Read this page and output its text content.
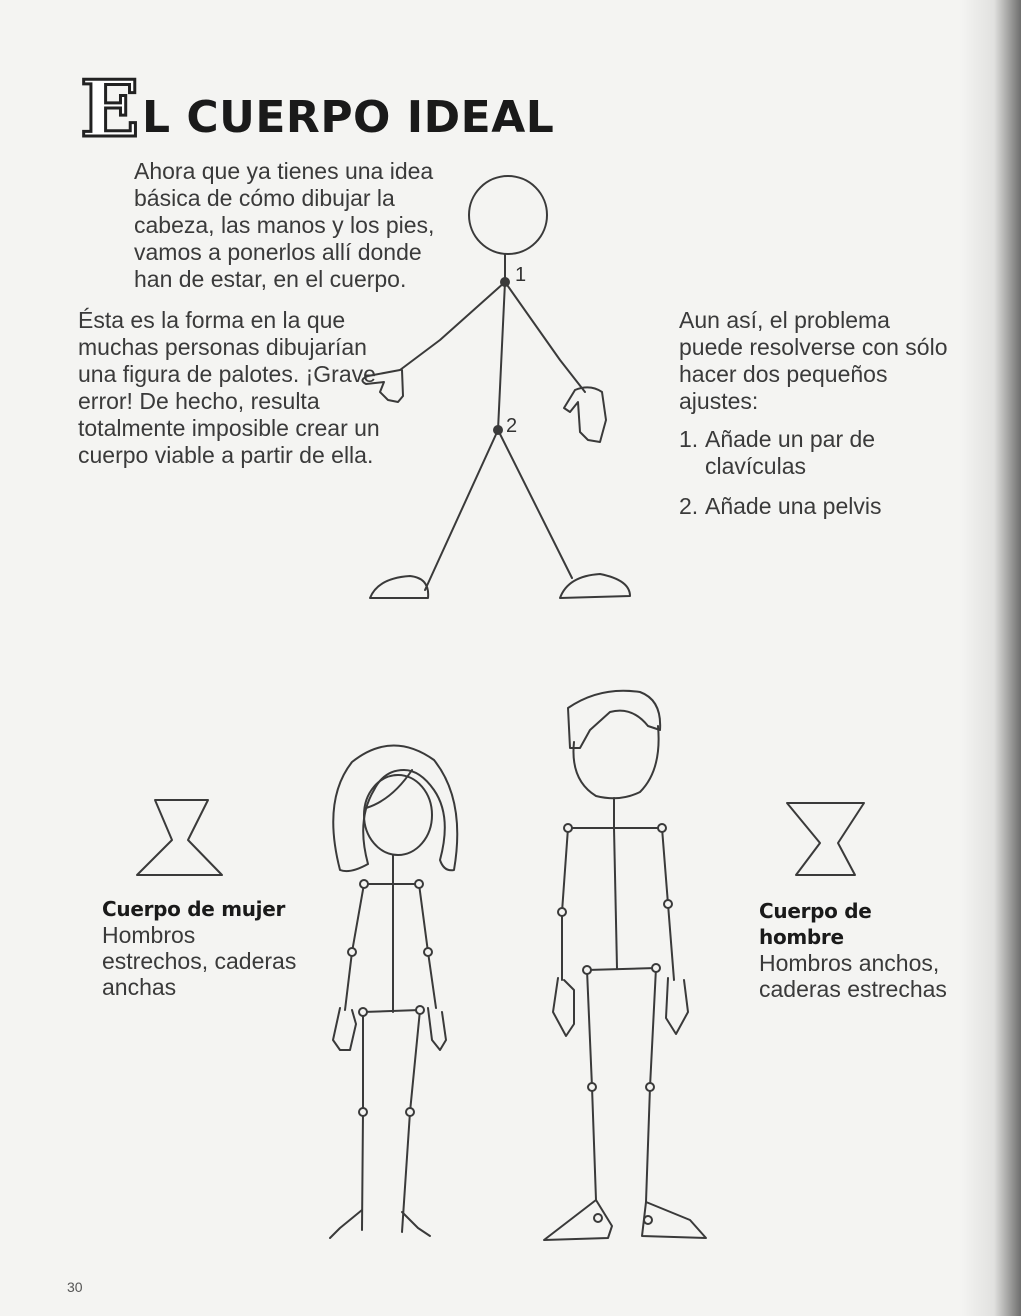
E L CUERPO IDEAL
Ahora que ya tienes una idea básica de cómo dibujar la cabeza, las manos y los pies, vamos a ponerlos allí donde han de estar, en el cuerpo.
Ésta es la forma en la que muchas personas dibujarían una figura de palotes. ¡Grave error! De hecho, resulta totalmente imposible crear un cuerpo viable a partir de ella.
Aun así, el problema puede resolverse con sólo hacer dos pequeños ajustes:
1. Añade un par de clavículas
2. Añade una pelvis
Cuerpo de mujer
Hombros estrechos, caderas anchas
Cuerpo de hombre
Hombros anchos, caderas estrechas
30
1
2
